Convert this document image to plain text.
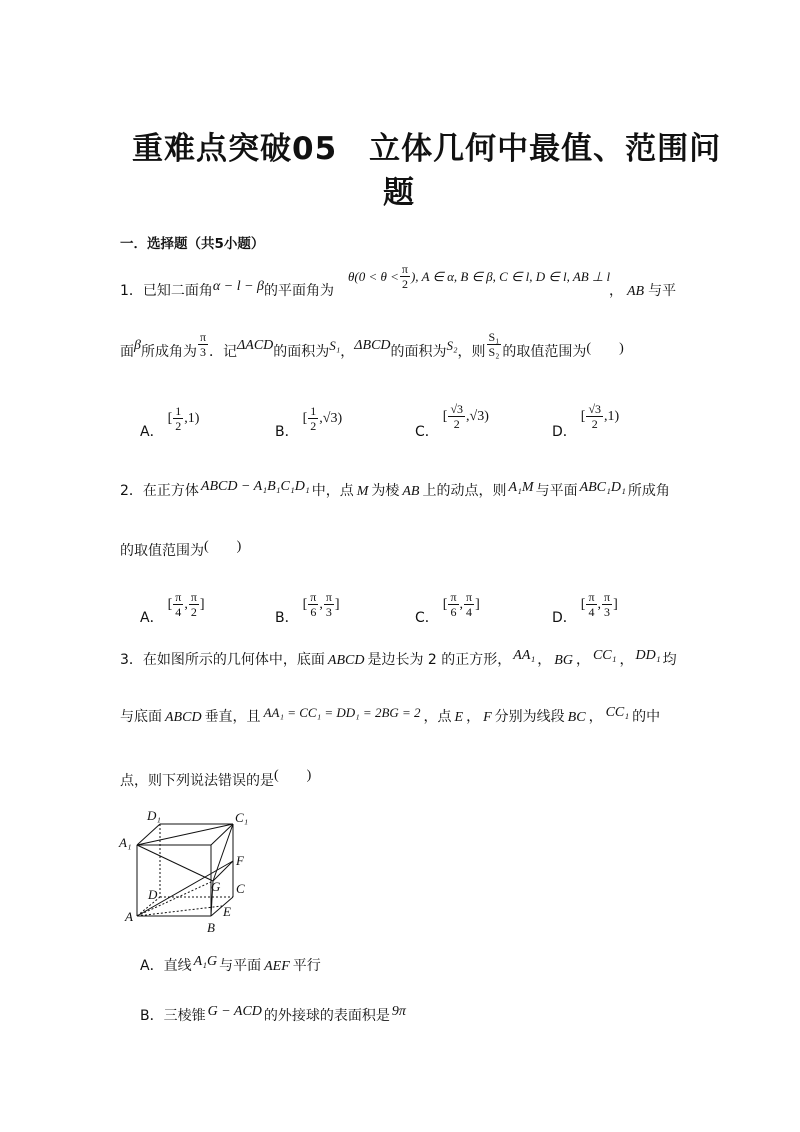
重难点突破05　立体几何中最值、范围问
题
一．选择题（共5小题）
1．已知二面角α − l − β的平面角为
$\theta(0 < \theta < \frac{\pi}{2}$ ), A ∈ α, B ∈ β, C ∈ l, D ∈ l, AB ⊥ l
， AB 与平
面 β 所成角为 $\frac{\pi}{3}$ ．记 ΔACD 的面积为 S₁ ， ΔBCD 的面积为 S₂ ，则 $\frac{\text{S₁}}{\text{S₂}}$ 的取值范围为 (　　)
A．
[ $\frac{1}{2} ,1$)
B．
[ $\frac{1}{2} ,√3$)
C．
[ $\frac{√3}{2} ,√3$)
D．
[ $\frac{√3}{2} ,1$)
2．在正方体 ABCD − A₁B₁C₁D₁ 中，点 M 为棱 AB 上的动点，则 A₁M 与平面 ABC₁D₁ 所成角
的取值范围为(　　)
A．
[ $\frac{\pi}{4}$ , $\frac{\pi}{2}$ ]
B．
[ $\frac{\pi}{6}$ , $\frac{\pi}{3}$ ]
C．
[ $\frac{\pi}{6}$ , $\frac{\pi}{4}$ ]
D．
[ $\frac{\pi}{4}$ , $\frac{\pi}{3}$ ]
3．在如图所示的几何体中，底面 ABCD 是边长为 2 的正方形， AA₁ ， BG ， CC₁ ， DD₁ 均
与底面 ABCD 垂直，且 AA₁ = CC₁ = DD₁ = 2BG = 2 ，点 E ， F 分别为线段 BC ， CC₁ 的中
点，则下列说法错误的是(　　)
D₁	C₁
A₁
F
D
G C
A	E
B
A．直线 A₁G 与平面 AEF 平行
B．三棱锥 G − ACD 的外接球的表面积是 9π
